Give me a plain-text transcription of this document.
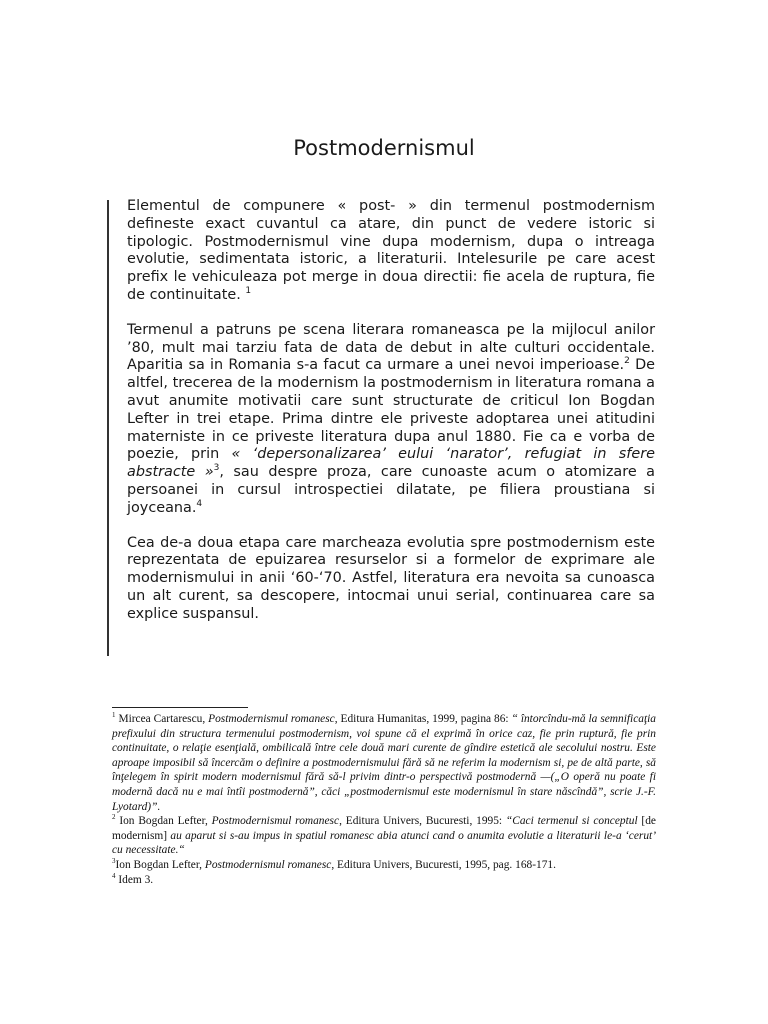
Postmodernismul

Elementul de compunere « post- » din termenul postmodernism defineste exact cuvantul ca atare, din punct de vedere istoric si tipologic. Postmodernismul vine dupa modernism, dupa o intreaga evolutie, sedimentata istoric, a literaturii. Intelesurile pe care acest prefix le vehiculeaza pot merge in doua directii: fie acela de ruptura, fie de continuitate. $^1$

Termenul a patruns pe scena literara romaneasca pe la mijlocul anilor ’80, mult mai tarziu fata de data de debut in alte culturi occidentale. Aparitia sa in Romania s-a facut ca urmare a unei nevoi imperioase.$^2$ De altfel, trecerea de la modernism la postmodernism in literatura romana a avut anumite motivatii care sunt structurate de criticul Ion Bogdan Lefter in trei etape. Prima dintre ele priveste adoptarea unei atitudini materniste in ce priveste literatura dupa anul 1880. Fie ca e vorba de poezie, prin « ‘depersonalizarea’ eului ‘narator’, refugiat in sfere abstracte »$^3$, sau despre proza, care cunoaste acum o atomizare a persoanei in cursul introspectiei dilatate, pe filiera proustiana si joyceana.$^4$

Cea de-a doua etapa care marcheaza evolutia spre postmodernism este reprezentata de epuizarea resurselor si a formelor de exprimare ale modernismului in anii ‘60-‘70. Astfel, literatura era nevoita sa cunoasca un alt curent, sa descopere, intocmai unui serial, continuarea care sa explice suspansul.

$^1$ Mircea Cartarescu, Postmodernismul romanesc, Editura Humanitas, 1999, pagina 86: “ întorcîndu-mă la semnificaţia prefixului din structura termenului postmodernism, voi spune că el exprimă în orice caz, fie prin ruptură, fie prin continuitate, o relaţie esenţială, ombilicală între cele două mari curente de gîndire estetică ale secolului nostru. Este aproape imposibil să încercăm o definire a postmodernismului fără să ne referim la modernism si, pe de altă parte, să înţelegem în spirit modern modernismul fără să-l privim dintr-o perspectivă postmodernă —(„O operă nu poate fi modernă dacă nu e mai întîi postmodernă”, căci „postmodernismul este modernismul în stare născîndă”, scrie J.-F. Lyotard)”.

$^2$ Ion Bogdan Lefter, Postmodernismul romanesc, Editura Univers, Bucuresti, 1995: “Caci termenul si conceptul [de modernism] au aparut si s-au impus in spatiul romanesc abia atunci cand o anumita evolutie a literaturii le-a ‘cerut’ cu necessitate.“

$^3$Ion Bogdan Lefter, Postmodernismul romanesc, Editura Univers, Bucuresti, 1995, pag. 168-171.

$^4$ Idem 3.
